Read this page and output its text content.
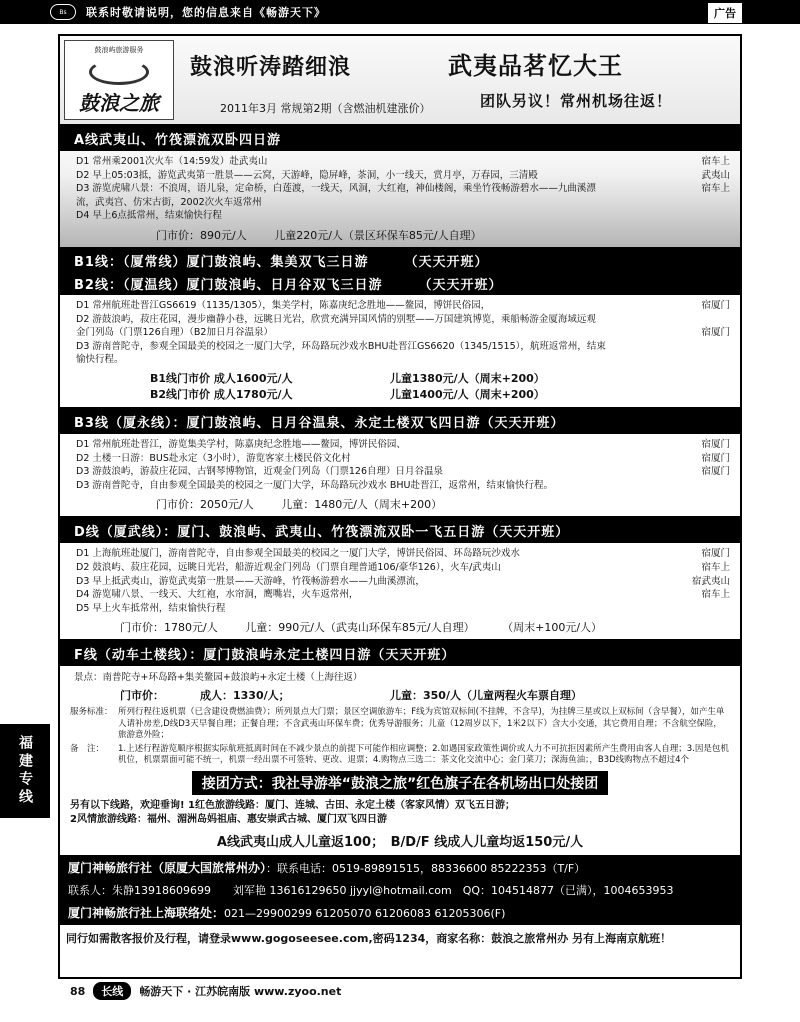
Bs	联系时敬请说明，您的信息来自《畅游天下》	广告
福建专线
鼓浪屿旅游服务
鼓浪之旅
鼓浪听涛踏细浪	武夷品茗忆大王
2011年3月 常规第2期（含燃油机建涨价）	团队另议！常州机场往返！
A线武夷山、竹筏漂流双卧四日游
D1 常州乘2001次火车（14:59发）赴武夷山	宿车上
D2 早上05:03抵，游览武夷第一胜景——云窝，天游峰，隐屏峰，茶洞，小一线天，赏月亭，万春园，三清殿	武夷山
D3 游览虎啸八景：不浪周，语儿泉，定命桥，白莲渡，一线天，风洞，大红袍，神仙楼阁，乘坐竹筏畅游碧水——九曲溪漂	宿车上
流，武夷宫、仿宋古街，2002次火车返常州
D4 早上6点抵常州，结束愉快行程
门市价：890元/人	儿童220元/人（景区环保车85元/人自理）
B1线：（厦常线）厦门鼓浪屿、集美双飞三日游	（天天开班）
B2线：（厦温线）厦门鼓浪屿、日月谷双飞三日游	（天天开班）
D1 常州航班赴晋江GS6619（1135/1305），集美学村，陈嘉庚纪念胜地——鳌园，博饼民俗园，	宿厦门
D2 游鼓浪屿，菽庄花园，漫步幽静小巷，远眺日光岩，欣赏充满异国风情的别墅——万国建筑博览，乘船畅游金厦海域远观
金门列岛（门票126自理）（B2加日月谷温泉）	宿厦门
D3 游南普陀寺，参观全国最美的校园之一厦门大学，环岛路玩沙戏水BHU赴晋江GS6620（1345/1515），航班返常州，结束
愉快行程。
B1线门市价 成人1600元/人	儿童1380元/人（周末+200）
B2线门市价 成人1780元/人	儿童1400元/人（周末+200）
B3线（厦永线）：厦门鼓浪屿、日月谷温泉、永定土楼双飞四日游（天天开班）
D1 常州航班赴晋江，游览集美学村，陈嘉庚纪念胜地——鳌园，博饼民俗园、	宿厦门
D2 土楼一日游：BUS赴永定（3小时），游览客家土楼民俗文化村	宿厦门
D3 游鼓浪屿，游菽庄花园、古钢琴博物馆，近观金门列岛（门票126自理）日月谷温泉	宿厦门
D3 游南普陀寺，自由参观全国最美的校园之一厦门大学，环岛路玩沙戏水 BHU赴晋江，返常州，结束愉快行程。
门市价：2050元/人	儿童：1480元/人（周末+200）
D线（厦武线）：厦门、鼓浪屿、武夷山、竹筏漂流双卧一飞五日游（天天开班）
D1 上海航班赴厦门，游南普陀寺，自由参观全国最美的校园之一厦门大学，博饼民俗园、环岛路玩沙戏水	宿厦门
D2 鼓浪屿、菽庄花园，远眺日光岩，船游近观金门列岛（门票自理普通106/豪华126），火车/武夷山	宿车上
D3 早上抵武夷山，游览武夷第一胜景——天游峰，竹筏畅游碧水——九曲溪漂流，	宿武夷山
D4 游览啸八景、一线天、大红袍，水帘洞，鹰嘴岩，火车返常州，	宿车上
D5 早上火车抵常州，结束愉快行程
门市价：1780元/人	儿童：990元/人（武夷山环保车85元/人自理）	（周末+100元/人）
F线（动车土楼线）：厦门鼓浪屿永定土楼四日游（天天开班）
景点：南普陀寺+环岛路+集美鳌园+鼓浪屿+永定土楼（上海往返）
门市价：	成人：1330/人；	儿童：350/人（儿童两程火车票自理）
服务标准： 所列行程往返机票（已含建设费燃油费）；所列景点大门票；景区空调旅游车；F线为宾馆双标间(不挂牌，不含早)，为挂牌三星或以上双标间（含早餐），如产生单人请补房差,D线D3天早餐自理；正餐自理；不含武夷山环保车费；优秀导游服务；儿童（12周岁以下，1米2以下）含大小交通，其它费用自理；不含航空保险，旅游意外险；
备　注：	1.上述行程游览顺序根据实际航班抵离时间在不减少景点的前提下可能作相应调整；2.如遇国家政策性调价或人力不可抗拒因素所产生费用由客人自理；3.因是包机机位，机票票面可能不统一，机票一经出票不可签转、更改、退票；4.购物点三选二：茶文化交流中心；金门菜刀；深海鱼油；，B3D线购物点不超过4个
接团方式：我社导游举“鼓浪之旅”红色旗子在各机场出口处接团
另有以下线路，欢迎垂询! 1红色旅游线路：厦门、连城、古田、永定土楼（客家风情）双飞五日游；
2风情旅游线路：福州、湄洲岛妈祖庙、惠安崇武古城、厦门双飞四日游
A线武夷山成人儿童返100；　B/D/F 线成人儿童均返150元/人
厦门神畅旅行社（原厦大国旅常州办）：联系电话：0519-89891515，88336600 85222353（T/F）
联系人：朱静13918609699　　刘军艳 13616129650 jjyyl@hotmail.com　QQ：104514877（已满），1004653953
厦门神畅旅行社上海联络处：021—29900299 61205070 61206083 61205306(F)
同行如需散客报价及行程，请登录www.gogoseesee.com,密码1234，商家名称：鼓浪之旅常州办 另有上海南京航班！
88	长线	畅游天下 · 江苏皖南版 www.zyoo.net
